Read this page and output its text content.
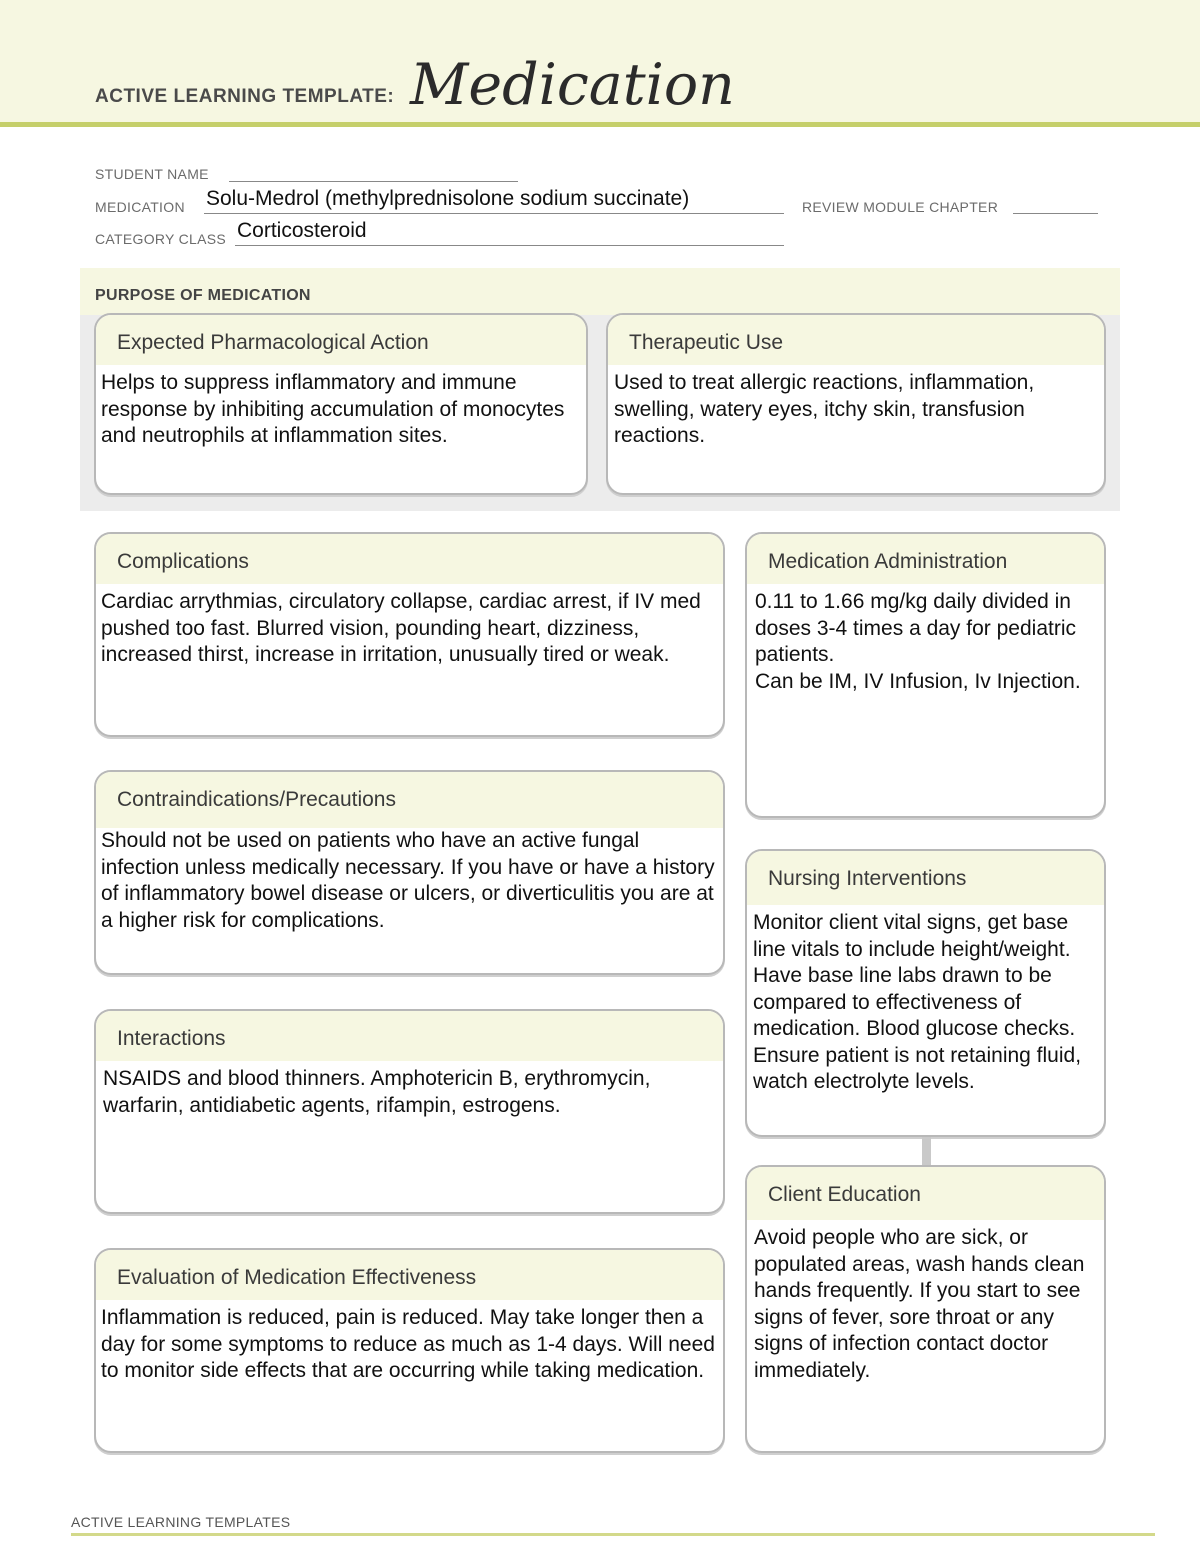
ACTIVE LEARNING TEMPLATE: Medication
STUDENT NAME
MEDICATION Solu-Medrol (methylprednisolone sodium succinate)	REVIEW MODULE CHAPTER
CATEGORY CLASS Corticosteroid
PURPOSE OF MEDICATION
Expected Pharmacological Action
Helps to suppress inflammatory and immune response by inhibiting accumulation of monocytes and neutrophils at inflammation sites.
Therapeutic Use
Used to treat allergic reactions, inflammation, swelling, watery eyes, itchy skin, transfusion reactions.
Complications
Cardiac arrythmias, circulatory collapse, cardiac arrest, if IV med pushed too fast. Blurred vision, pounding heart, dizziness, increased thirst, increase in irritation, unusually tired or weak.
Contraindications/Precautions
Should not be used on patients who have an active fungal infection unless medically necessary. If you have or have a history of inflammatory bowel disease or ulcers, or diverticulitis you are at a higher risk for complications.
Interactions
NSAIDS and blood thinners. Amphotericin B, erythromycin, warfarin, antidiabetic agents, rifampin, estrogens.
Evaluation of Medication Effectiveness
Inflammation is reduced, pain is reduced. May take longer then a day for some symptoms to reduce as much as 1-4 days. Will need to monitor side effects that are occurring while taking medication.
Medication Administration
0.11 to 1.66 mg/kg daily divided in doses 3-4 times a day for pediatric patients.
Can be IM, IV Infusion, Iv Injection.
Nursing Interventions
Monitor client vital signs, get base line vitals to include height/weight. Have base line labs drawn to be compared to effectiveness of medication. Blood glucose checks. Ensure patient is not retaining fluid, watch electrolyte levels.
Client Education
Avoid people who are sick, or populated areas, wash hands clean hands frequently. If you start to see signs of fever, sore throat or any signs of infection contact doctor immediately.
ACTIVE LEARNING TEMPLATES
